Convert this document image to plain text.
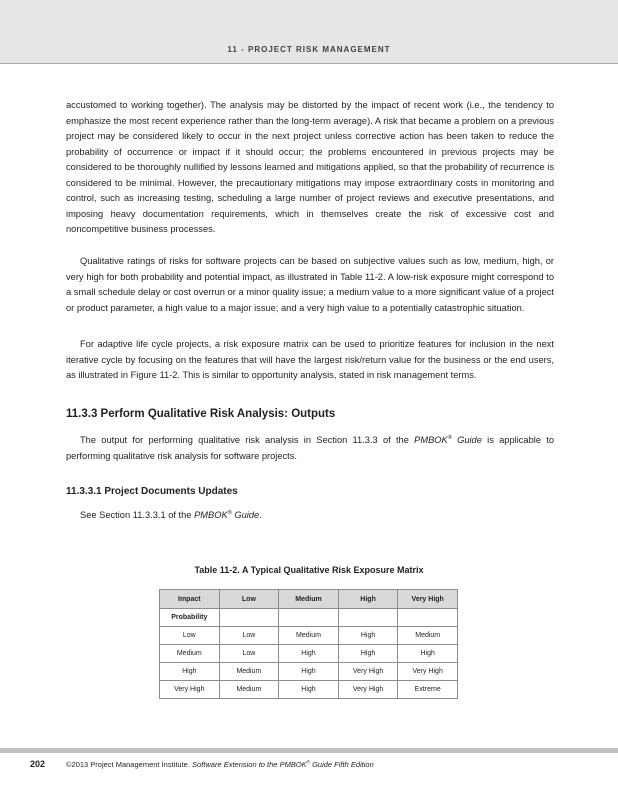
11 - PROJECT RISK MANAGEMENT

accustomed to working together). The analysis may be distorted by the impact of recent work (i.e., the tendency to emphasize the most recent experience rather than the long-term average). A risk that became a problem on a previous project may be considered likely to occur in the next project unless corrective action has been taken to reduce the probability of occurrence or impact if it should occur; the problems encountered in previous projects may be considered to be thoroughly nullified by lessons learned and mitigations applied, so that the probability of recurrence is considered to be minimal. However, the precautionary mitigations may impose extraordinary costs in monitoring and control, such as increasing testing, scheduling a large number of project reviews and executive presentations, and imposing heavy documentation requirements, which in themselves create the risk of excessive cost and noncompetitive business processes.

Qualitative ratings of risks for software projects can be based on subjective values such as low, medium, high, or very high for both probability and potential impact, as illustrated in Table 11-2. A low-risk exposure might correspond to a small schedule delay or cost overrun or a minor quality issue; a medium value to a more significant value of a project or product parameter, a high value to a major issue; and a very high value to a potentially catastrophic situation.

For adaptive life cycle projects, a risk exposure matrix can be used to prioritize features for inclusion in the next iterative cycle by focusing on the features that will have the largest risk/return value for the business or the end users, as illustrated in Figure 11-2. This is similar to opportunity analysis, stated in risk management terms.

11.3.3 Perform Qualitative Risk Analysis: Outputs

The output for performing qualitative risk analysis in Section 11.3.3 of the PMBOK® Guide is applicable to performing qualitative risk analysis for software projects.

11.3.3.1 Project Documents Updates

See Section 11.3.3.1 of the PMBOK® Guide.

Table 11-2. A Typical Qualitative Risk Exposure Matrix
Impact	Low	Medium	High	Very High
Probability				
Low	Low	Medium	High	Medium
Medium	Low	High	High	High
High	Medium	High	Very High	Very High
Very High	Medium	High	Very High	Extreme
202	©2013 Project Management Institute. Software Extension to the PMBOK® Guide Fifth Edition
